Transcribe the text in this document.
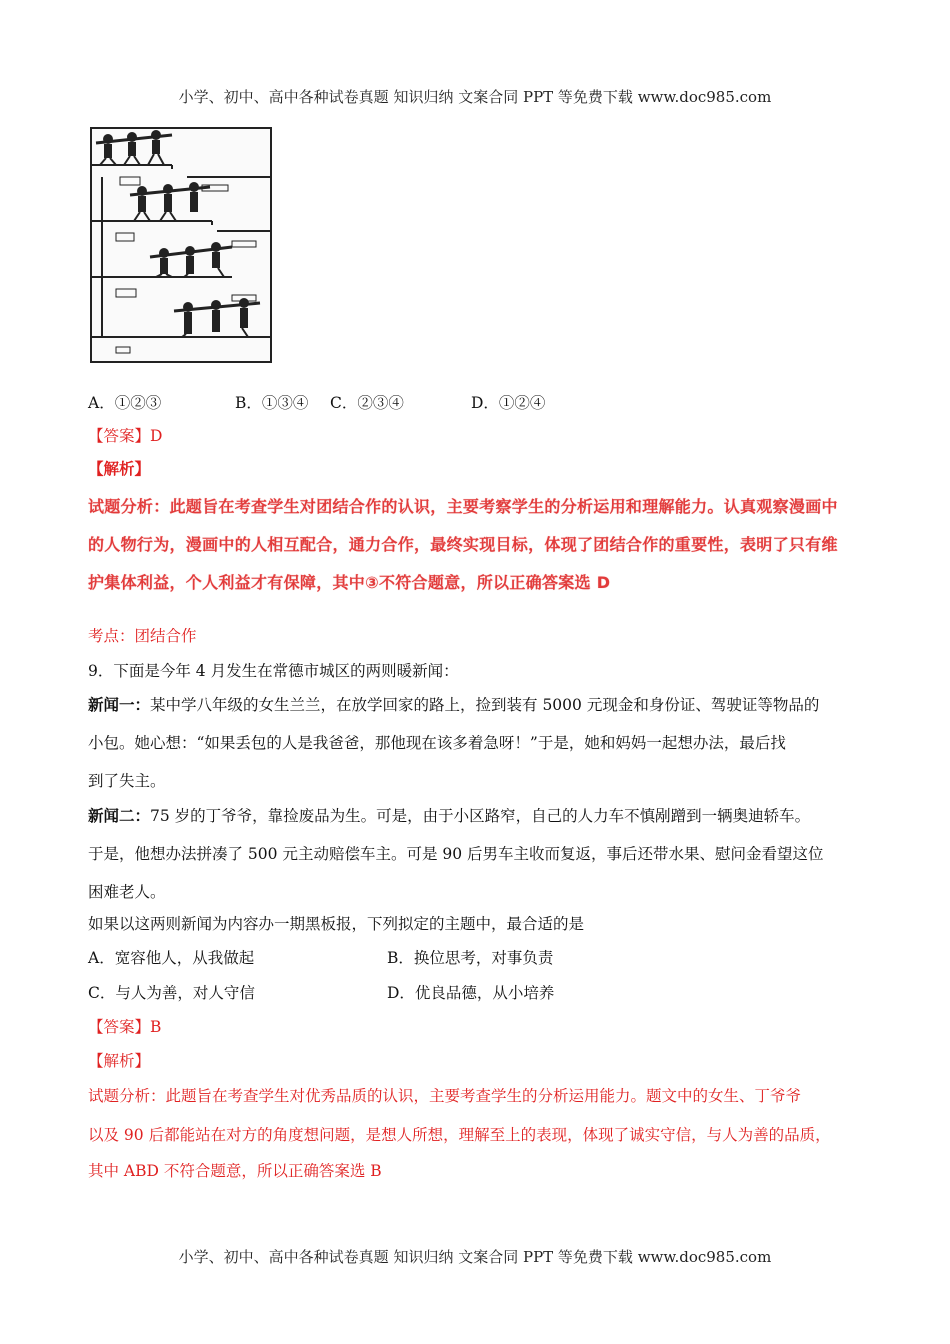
小学、初中、高中各种试卷真题 知识归纳 文案合同 PPT 等免费下载 www.doc985.com
A．①②③	B．①③④ C．②③④	D．①②④
【答案】D
【解析】
试题分析：此题旨在考查学生对团结合作的认识，主要考察学生的分析运用和理解能力。认真观察漫画中
的人物行为，漫画中的人相互配合，通力合作，最终实现目标，体现了团结合作的重要性，表明了只有维
护集体利益，个人利益才有保障，其中③不符合题意，所以正确答案选 D
考点：团结合作
9．下面是今年 4 月发生在常德市城区的两则暖新闻：
新闻一：某中学八年级的女生兰兰，在放学回家的路上，捡到装有 5000 元现金和身份证、驾驶证等物品的
小包。她心想：“如果丢包的人是我爸爸，那他现在该多着急呀！”于是，她和妈妈一起想办法，最后找
到了失主。
新闻二：75 岁的丁爷爷，靠捡废品为生。可是，由于小区路窄，自己的人力车不慎剐蹭到一辆奥迪轿车。
于是，他想办法拼凑了 500 元主动赔偿车主。可是 90 后男车主收而复返，事后还带水果、慰问金看望这位
困难老人。
如果以这两则新闻为内容办一期黑板报，下列拟定的主题中，最合适的是
A．宽容他人，从我做起	B．换位思考，对事负责
C．与人为善，对人守信	D．优良品德，从小培养
【答案】B
【解析】
试题分析：此题旨在考查学生对优秀品质的认识，主要考查学生的分析运用能力。题文中的女生、丁爷爷
以及 90 后都能站在对方的角度想问题，是想人所想，理解至上的表现，体现了诚实守信，与人为善的品质，
其中 ABD 不符合题意，所以正确答案选 B
小学、初中、高中各种试卷真题 知识归纳 文案合同 PPT 等免费下载 www.doc985.com
